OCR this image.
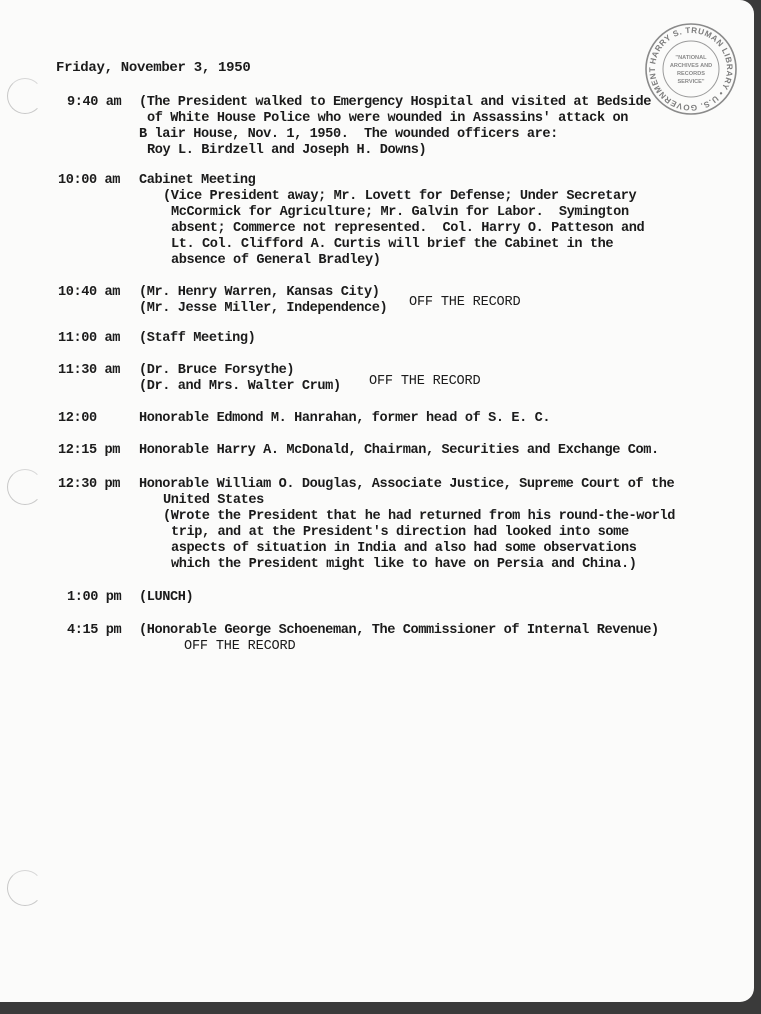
HARRY S. TRUMAN LIBRARY • U.S. GOVERNMENT
"NATIONAL
ARCHIVES AND
RECORDS
SERVICE"
Friday, November 3, 1950
9:40 am (The President walked to Emergency Hospital and visited at Bedside
of White House Police who were wounded in Assassins' attack on
B lair House, Nov. 1, 1950.  The wounded officers are:
Roy L. Birdzell and Joseph H. Downs)
10:00 am Cabinet Meeting
(Vice President away; Mr. Lovett for Defense; Under Secretary
McCormick for Agriculture; Mr. Galvin for Labor.  Symington
absent; Commerce not represented.  Col. Harry O. Patteson and
Lt. Col. Clifford A. Curtis will brief the Cabinet in the
absence of General Bradley)
10:40 am (Mr. Henry Warren, Kansas City)
(Mr. Jesse Miller, Independence) OFF THE RECORD
11:00 am (Staff Meeting)
11:30 am (Dr. Bruce Forsythe)
(Dr. and Mrs. Walter Crum) OFF THE RECORD
12:00	Honorable Edmond M. Hanrahan, former head of S. E. C.
12:15 pm Honorable Harry A. McDonald, Chairman, Securities and Exchange Com.
12:30 pm Honorable William O. Douglas, Associate Justice, Supreme Court of the
United States
(Wrote the President that he had returned from his round-the-world
trip, and at the President's direction had looked into some
aspects of situation in India and also had some observations
which the President might like to have on Persia and China.)
1:00 pm (LUNCH)
4:15 pm (Honorable George Schoeneman, The Commissioner of Internal Revenue)
OFF THE RECORD
